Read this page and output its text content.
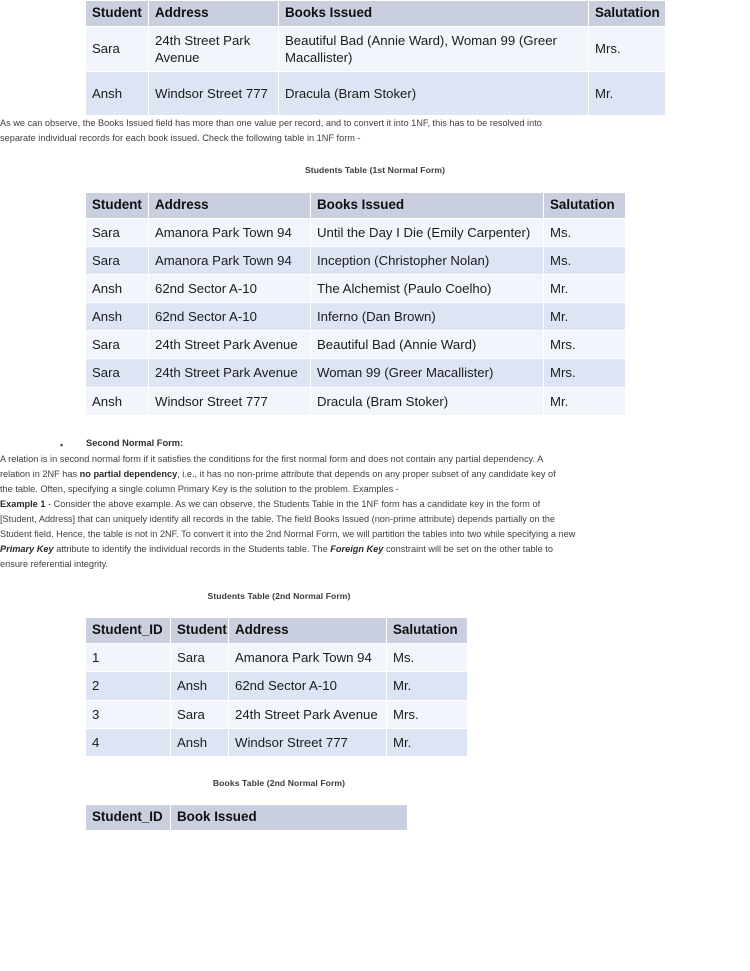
Student	Address	Books Issued	Salutation
Sara	24th Street Park Avenue	Beautiful Bad (Annie Ward), Woman 99 (Greer Macallister)	Mrs.
Ansh	Windsor Street 777	Dracula (Bram Stoker)	Mr.

As we can observe, the Books Issued field has more than one value per record, and to convert it into 1NF, this has to be resolved into separate individual records for each book issued. Check the following table in 1NF form -

Students Table (1st Normal Form)
Student	Address	Books Issued	Salutation
Sara	Amanora Park Town 94	Until the Day I Die (Emily Carpenter)	Ms.
Sara	Amanora Park Town 94	Inception (Christopher Nolan)	Ms.
Ansh	62nd Sector A-10	The Alchemist (Paulo Coelho)	Mr.
Ansh	62nd Sector A-10	Inferno (Dan Brown)	Mr.
Sara	24th Street Park Avenue	Beautiful Bad (Annie Ward)	Mrs.
Sara	24th Street Park Avenue	Woman 99 (Greer Macallister)	Mrs.
Ansh	Windsor Street 777	Dracula (Bram Stoker)	Mr.
▪	Second Normal Form:

A relation is in second normal form if it satisfies the conditions for the first normal form and does not contain any partial dependency. A relation in 2NF has no partial dependency, i.e., it has no non-prime attribute that depends on any proper subset of any candidate key of the table. Often, specifying a single column Primary Key is the solution to the problem. Examples -

Example 1 - Consider the above example. As we can observe, the Students Table in the 1NF form has a candidate key in the form of [Student, Address] that can uniquely identify all records in the table. The field Books Issued (non-prime attribute) depends partially on the Student field. Hence, the table is not in 2NF. To convert it into the 2nd Normal Form, we will partition the tables into two while specifying a new Primary Key attribute to identify the individual records in the Students table. The Foreign Key constraint will be set on the other table to ensure referential integrity.

Students Table (2nd Normal Form)
Student_ID	Student	Address	Salutation
1	Sara	Amanora Park Town 94	Ms.
2	Ansh	62nd Sector A-10	Mr.
3	Sara	24th Street Park Avenue	Mrs.
4	Ansh	Windsor Street 777	Mr.
Books Table (2nd Normal Form)
Student_ID	Book Issued
